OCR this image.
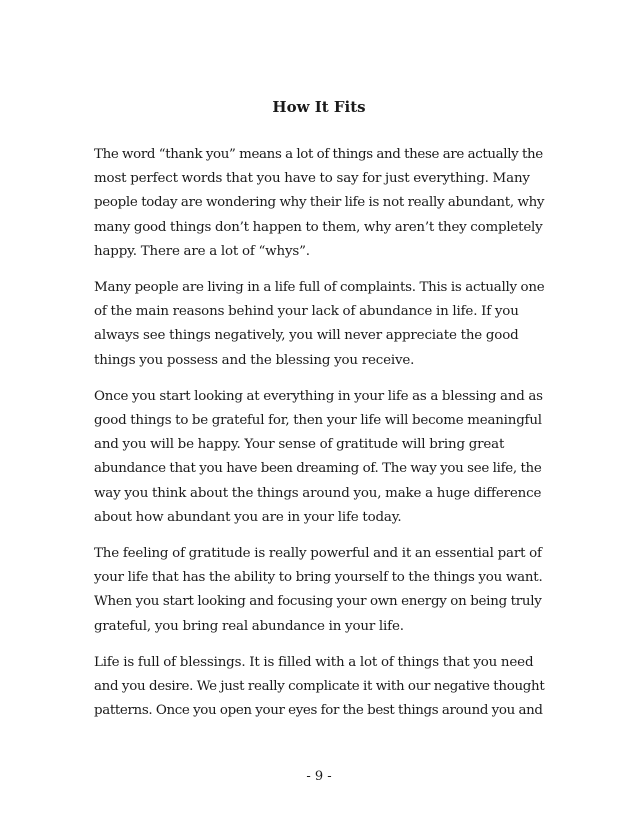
How It Fits

The word “thank you” means a lot of things and these are actually the
most perfect words that you have to say for just everything. Many
people today are wondering why their life is not really abundant, why
many good things don’t happen to them, why aren’t they completely
happy. There are a lot of “whys”.

Many people are living in a life full of complaints. This is actually one
of the main reasons behind your lack of abundance in life. If you
always see things negatively, you will never appreciate the good
things you possess and the blessing you receive.

Once you start looking at everything in your life as a blessing and as
good things to be grateful for, then your life will become meaningful
and you will be happy. Your sense of gratitude will bring great
abundance that you have been dreaming of. The way you see life, the
way you think about the things around you, make a huge difference
about how abundant you are in your life today.

The feeling of gratitude is really powerful and it an essential part of
your life that has the ability to bring yourself to the things you want.
When you start looking and focusing your own energy on being truly
grateful, you bring real abundance in your life.

Life is full of blessings. It is filled with a lot of things that you need
and you desire. We just really complicate it with our negative thought
patterns. Once you open your eyes for the best things around you and

- 9 -
